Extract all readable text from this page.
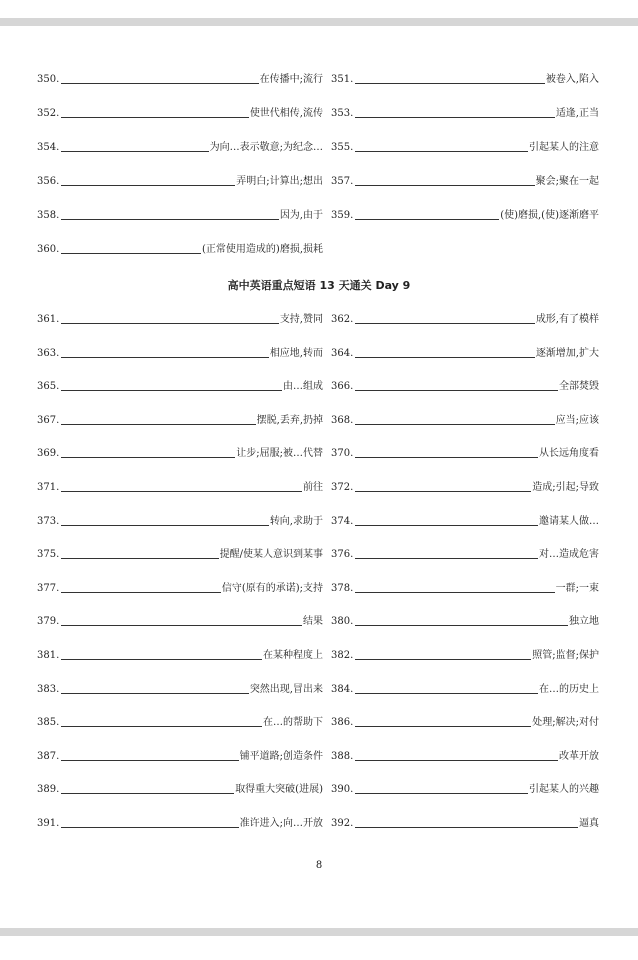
350.	在传播中;流行 351.	被卷入,陷入
352.	使世代相传,流传 353.	适逢,正当
354.	为向…表示敬意;为纪念… 355.	引起某人的注意
356.	弄明白;计算出;想出 357.	聚会;聚在一起
358.	因为,由于 359.	(使)磨损,(使)逐渐磨平
360.	(正常使用造成的)磨损,损耗
高中英语重点短语 13 天通关 Day 9
361.	支持,赞同 362.	成形,有了模样
363.	相应地,转而 364.	逐渐增加,扩大
365.	由…组成 366.	全部焚毁
367.	摆脱,丢弃,扔掉 368.	应当;应该
369.	让步;屈服;被…代替 370.	从长远角度看
371.	前往 372.	造成;引起;导致
373.	转向,求助于 374.	邀请某人做…
375.	提醒/使某人意识到某事 376.	对…造成危害
377.	信守(原有的承诺);支持 378.	一群;一束
379.	结果 380.	独立地
381.	在某种程度上 382.	照管;监督;保护
383.	突然出现,冒出来 384.	在…的历史上
385.	在…的帮助下 386.	处理;解决;对付
387.	铺平道路;创造条件 388.	改革开放
389.	取得重大突破(进展) 390.	引起某人的兴趣
391.	准许进入;向…开放 392.	逼真
8
